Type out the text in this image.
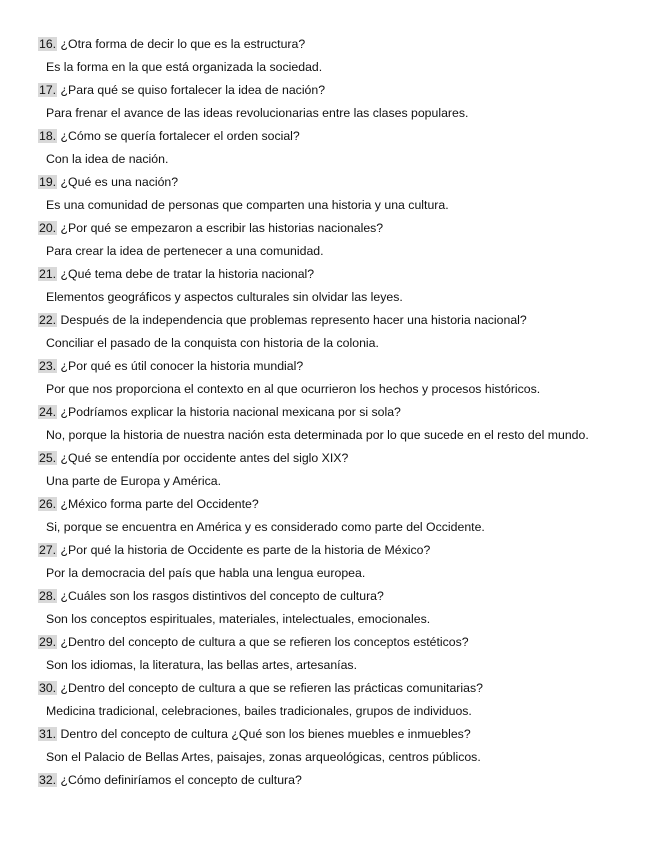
16. ¿Otra forma de decir lo que es la estructura?
Es la forma en la que está organizada la sociedad.
17. ¿Para qué se quiso fortalecer la idea de nación?
Para frenar el avance de las ideas revolucionarias entre las clases populares.
18. ¿Cómo se quería fortalecer el orden social?
Con la idea de nación.
19. ¿Qué es una nación?
Es una comunidad de personas que comparten una historia y una cultura.
20. ¿Por qué se empezaron a escribir las historias nacionales?
Para crear la idea de pertenecer a una comunidad.
21. ¿Qué tema debe de tratar la historia nacional?
Elementos geográficos y aspectos culturales sin olvidar las leyes.
22. Después de la independencia que problemas represento hacer una historia nacional?
Conciliar el pasado de la conquista con historia de la colonia.
23. ¿Por qué es útil conocer la historia mundial?
Por que nos proporciona el contexto en al que ocurrieron los hechos y procesos históricos.
24. ¿Podríamos explicar la historia nacional mexicana por si sola?
No, porque la historia de nuestra nación esta determinada por lo que sucede en el resto del mundo.
25. ¿Qué se entendía por occidente antes del siglo XIX?
Una parte de Europa y América.
26. ¿México forma parte del Occidente?
Si, porque se encuentra en América y es considerado como parte del Occidente.
27. ¿Por qué la historia de Occidente es parte de la historia de México?
Por la democracia del país que habla una lengua europea.
28. ¿Cuáles son los rasgos distintivos del concepto de cultura?
Son los conceptos espirituales, materiales, intelectuales, emocionales.
29. ¿Dentro del concepto de cultura a que se refieren los conceptos estéticos?
Son los idiomas, la literatura, las bellas artes, artesanías.
30. ¿Dentro del concepto de cultura a que se refieren las prácticas comunitarias?
Medicina tradicional, celebraciones, bailes tradicionales, grupos de individuos.
31. Dentro del concepto de cultura ¿Qué son los bienes muebles e inmuebles?
Son el Palacio de Bellas Artes, paisajes, zonas arqueológicas, centros públicos.
32. ¿Cómo definiríamos el concepto de cultura?
